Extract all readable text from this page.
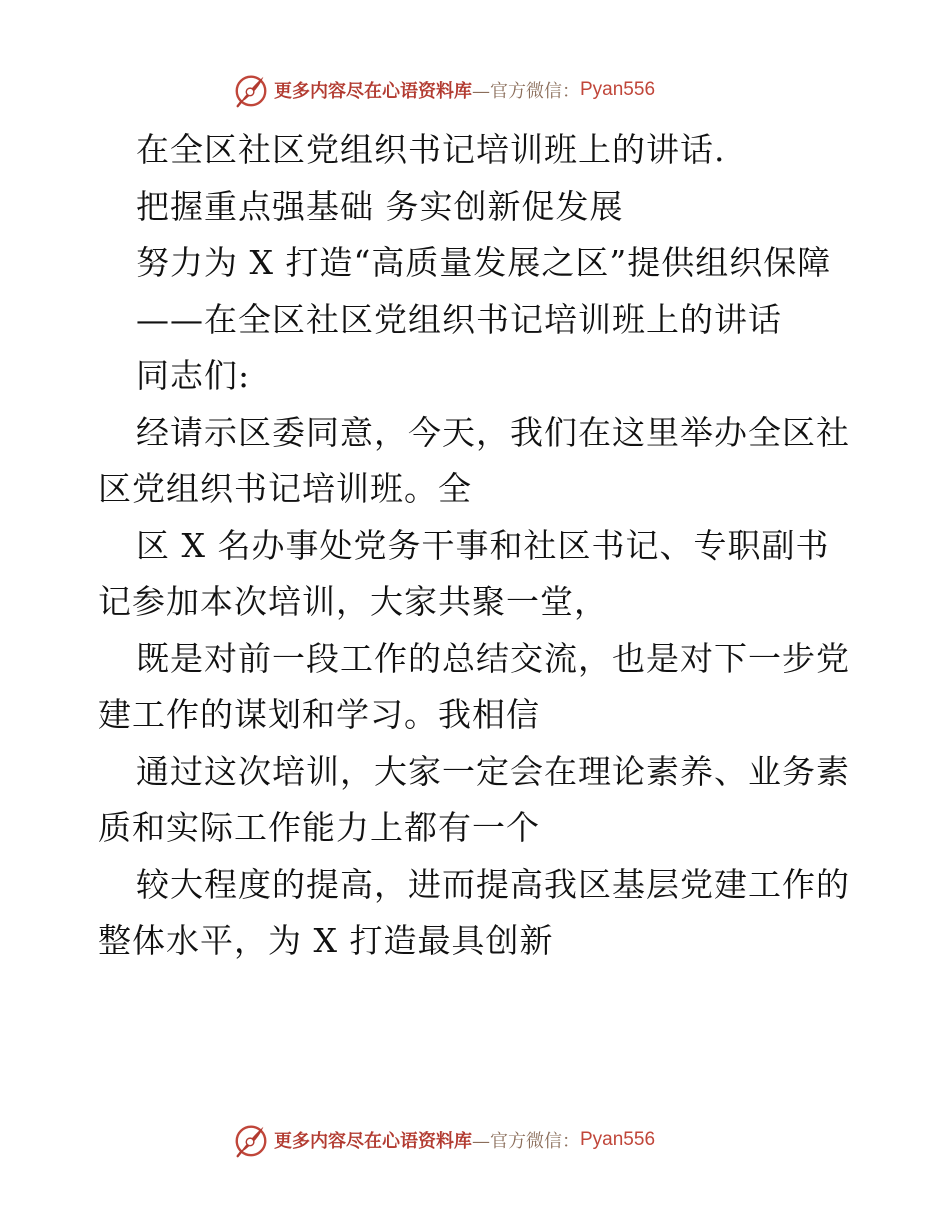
更多内容尽在心语资料库 —官方微信： Pyan556

在全区社区党组织书记培训班上的讲话.

把握重点强基础 务实创新促发展

努力为 X 打造“高质量发展之区”提供组织保障

——在全区社区党组织书记培训班上的讲话

同志们:

经请示区委同意，今天，我们在这里举办全区社区党组织书记培训班。全

区 X 名办事处党务干事和社区书记、专职副书记参加本次培训，大家共聚一堂，

既是对前一段工作的总结交流，也是对下一步党建工作的谋划和学习。我相信

通过这次培训，大家一定会在理论素养、业务素质和实际工作能力上都有一个

较大程度的提高，进而提高我区基层党建工作的整体水平，为 X 打造最具创新

更多内容尽在心语资料库 —官方微信： Pyan556
